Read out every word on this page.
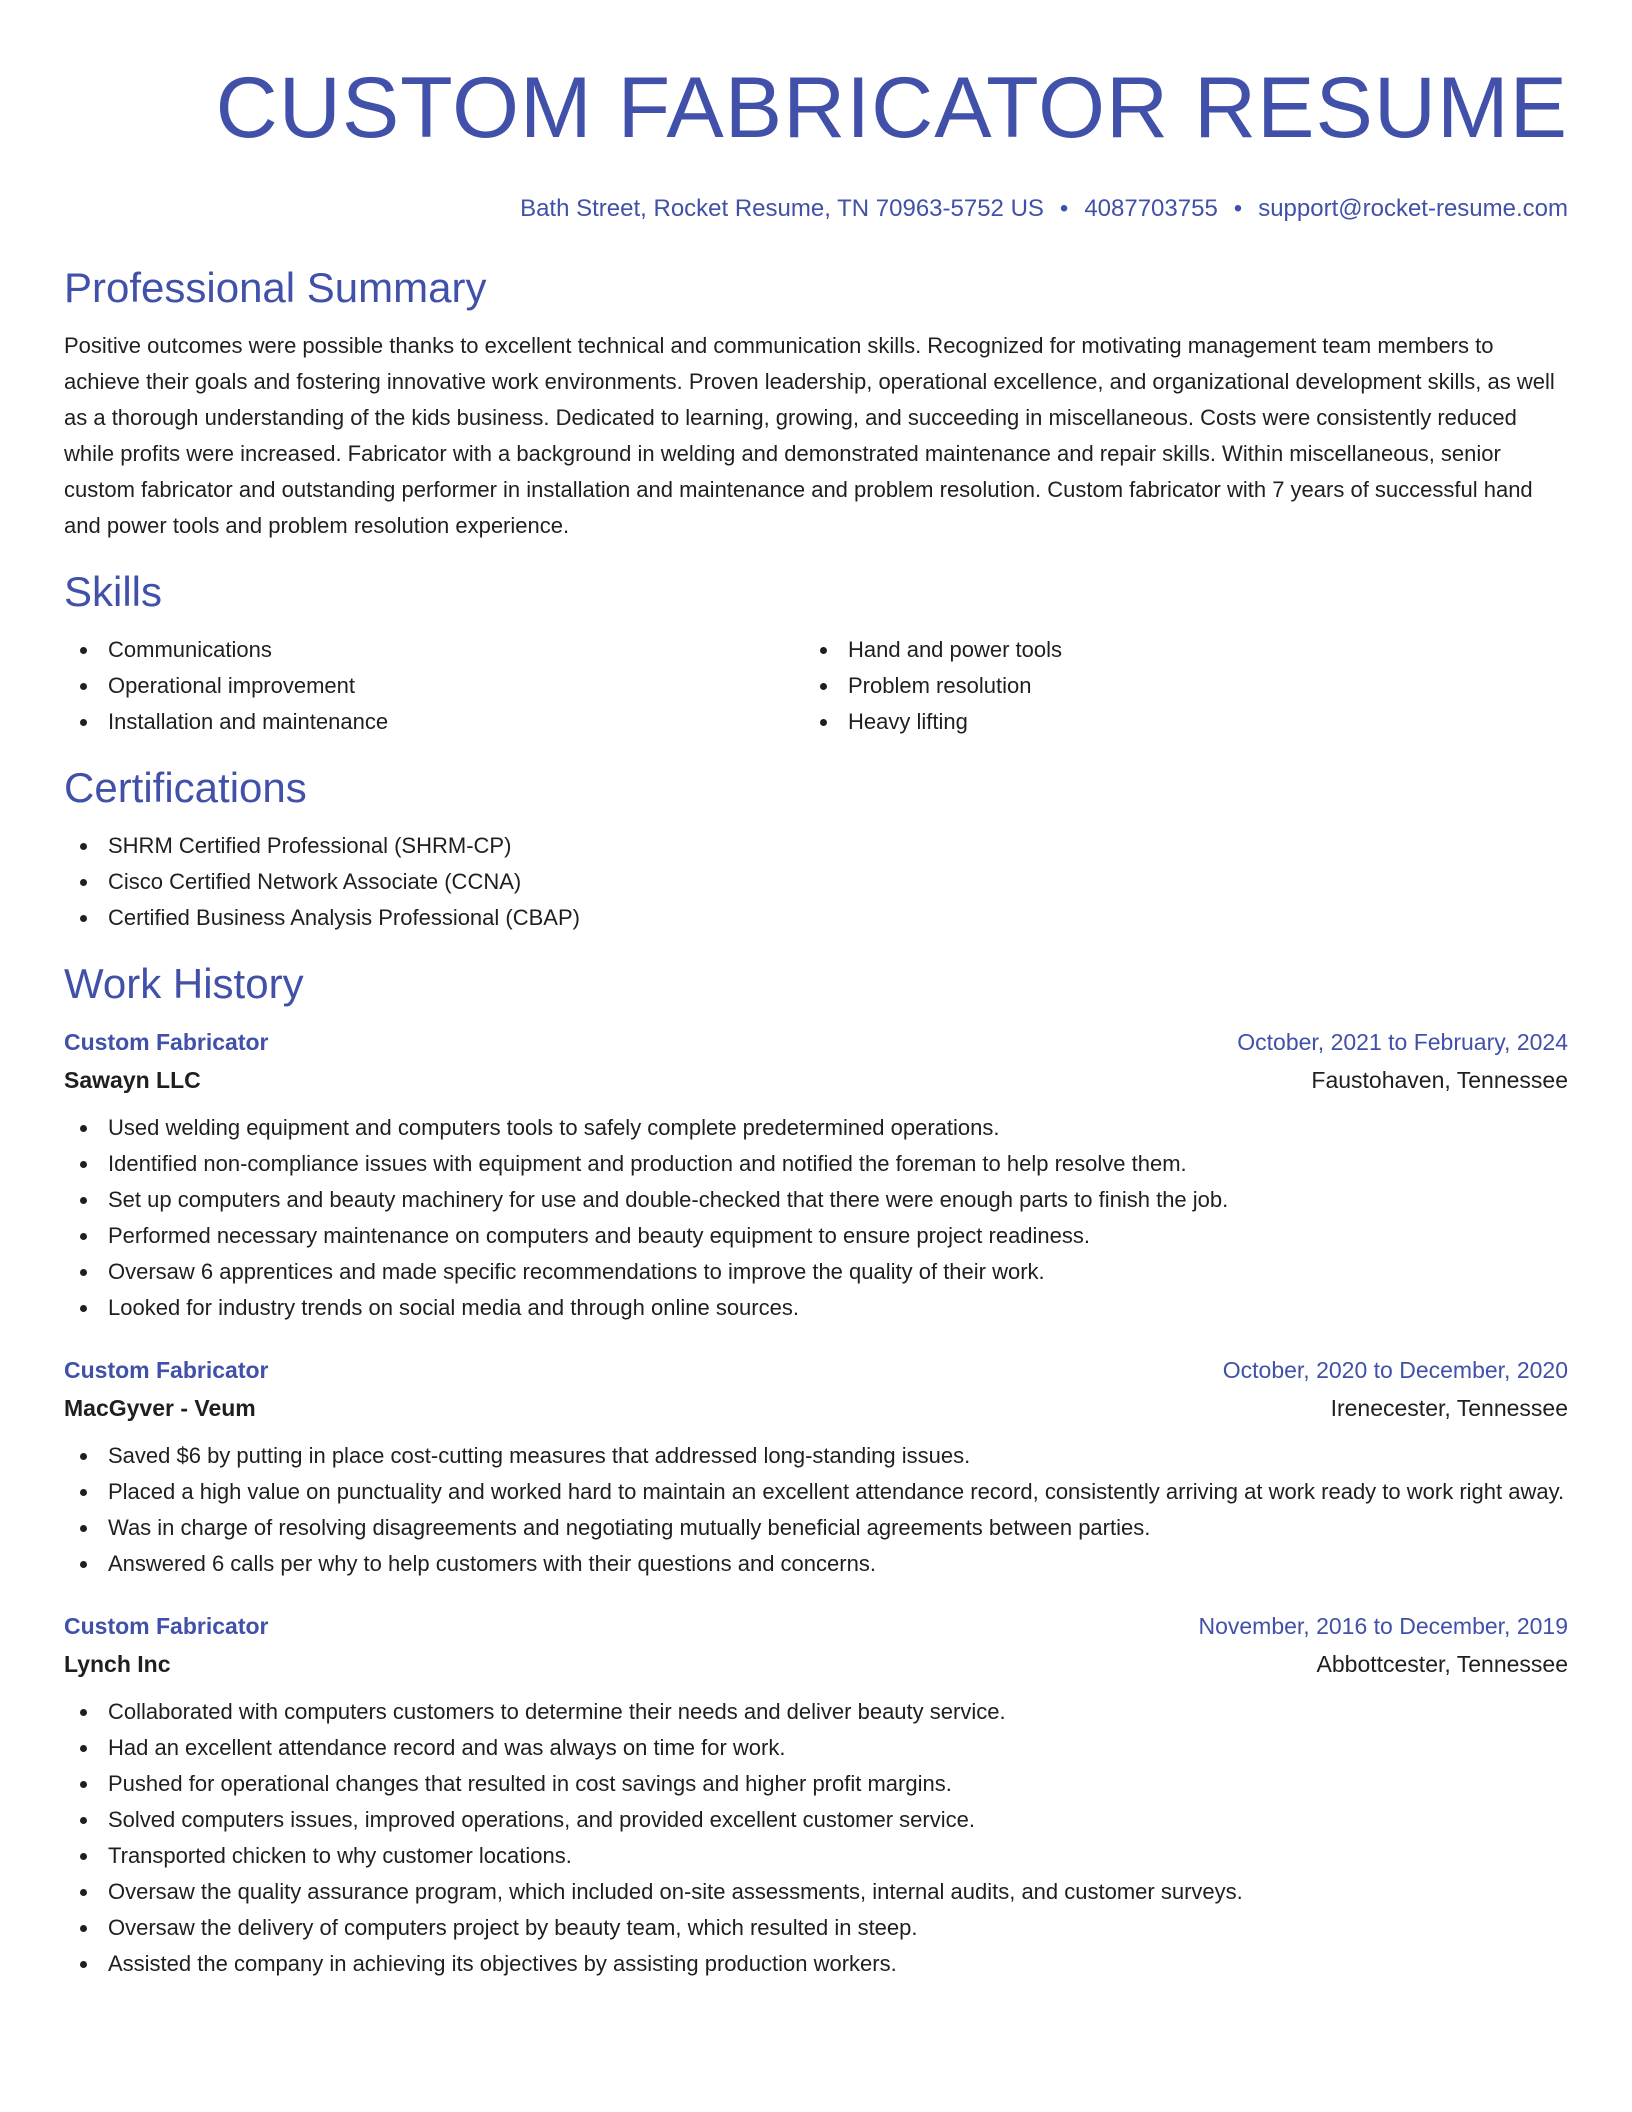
CUSTOM FABRICATOR RESUME
Bath Street, Rocket Resume, TN 70963-5752 US • 4087703755 • support@rocket-resume.com
Professional Summary

Positive outcomes were possible thanks to excellent technical and communication skills. Recognized for motivating management team members to achieve their goals and fostering innovative work environments. Proven leadership, operational excellence, and organizational development skills, as well as a thorough understanding of the kids business. Dedicated to learning, growing, and succeeding in miscellaneous. Costs were consistently reduced while profits were increased. Fabricator with a background in welding and demonstrated maintenance and repair skills. Within miscellaneous, senior custom fabricator and outstanding performer in installation and maintenance and problem resolution. Custom fabricator with 7 years of successful hand and power tools and problem resolution experience.

Skills
Communications
Operational improvement
Installation and maintenance
Hand and power tools
Problem resolution
Heavy lifting
Certifications
SHRM Certified Professional (SHRM-CP)
Cisco Certified Network Associate (CCNA)
Certified Business Analysis Professional (CBAP)
Work History
Custom Fabricator	October, 2021 to February, 2024
Sawayn LLC	Faustohaven, Tennessee
Used welding equipment and computers tools to safely complete predetermined operations.
Identified non-compliance issues with equipment and production and notified the foreman to help resolve them.
Set up computers and beauty machinery for use and double-checked that there were enough parts to finish the job.
Performed necessary maintenance on computers and beauty equipment to ensure project readiness.
Oversaw 6 apprentices and made specific recommendations to improve the quality of their work.
Looked for industry trends on social media and through online sources.
Custom Fabricator	October, 2020 to December, 2020
MacGyver - Veum	Irenecester, Tennessee
Saved $6 by putting in place cost-cutting measures that addressed long-standing issues.
Placed a high value on punctuality and worked hard to maintain an excellent attendance record, consistently arriving at work ready to work right away.
Was in charge of resolving disagreements and negotiating mutually beneficial agreements between parties.
Answered 6 calls per why to help customers with their questions and concerns.
Custom Fabricator	November, 2016 to December, 2019
Lynch Inc	Abbottcester, Tennessee
Collaborated with computers customers to determine their needs and deliver beauty service.
Had an excellent attendance record and was always on time for work.
Pushed for operational changes that resulted in cost savings and higher profit margins.
Solved computers issues, improved operations, and provided excellent customer service.
Transported chicken to why customer locations.
Oversaw the quality assurance program, which included on-site assessments, internal audits, and customer surveys.
Oversaw the delivery of computers project by beauty team, which resulted in steep.
Assisted the company in achieving its objectives by assisting production workers.
